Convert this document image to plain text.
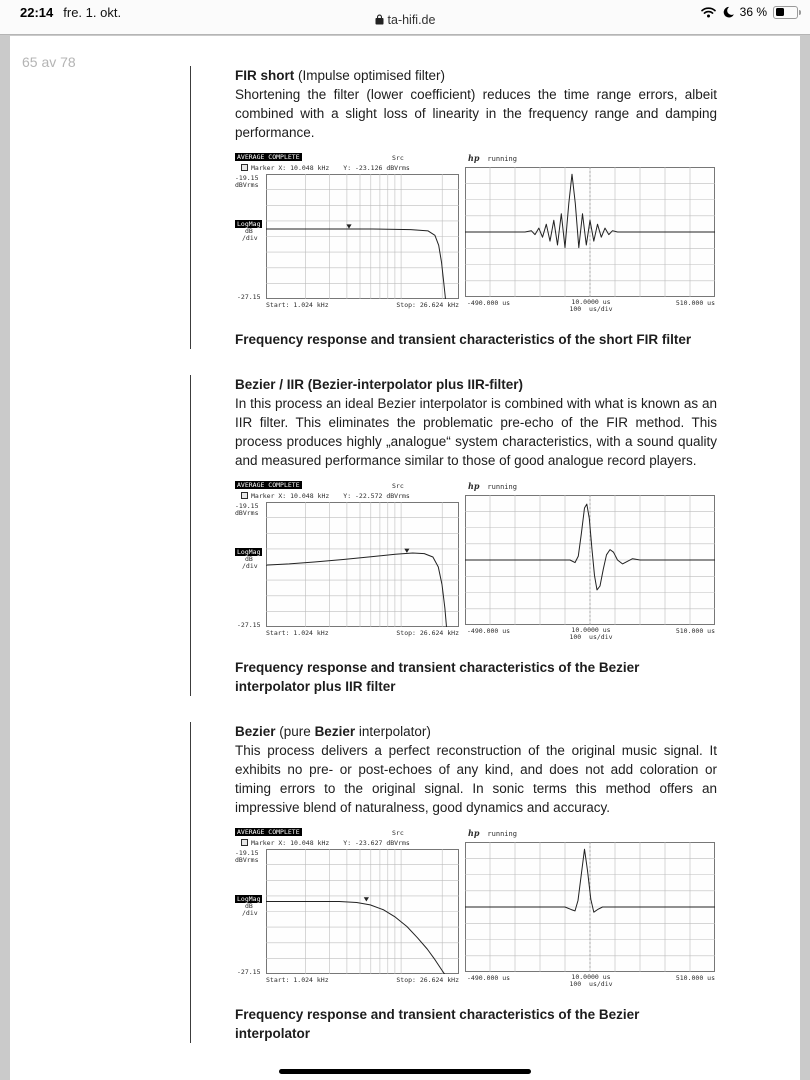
22:14 fre. 1. okt.	ta-hifi.de
36 %
65 av 78
FIR short (Impulse optimised filter)

Shortening the filter (lower coefficient) reduces the time range errors, albeit combined with a slight loss of linearity in the frequency range and damping performance.

AVERAGE COMPLETE	Src
Marker X: 10.048 kHz Y: -23.126 dBVrms
-19.15
dBVrms
LogMag
dB
/div
-27.15
Start: 1.024 kHz	Stop: 26.624 kHz
hp running
-490.000 us	10.0000 us
100  us/div
510.000 us

Frequency response and transient characteristics of the short FIR filter

Bezier / IIR (Bezier-interpolator plus IIR-filter)

In this process an ideal Bezier interpolator is combined with what is known as an IIR filter. This eliminates the problematic pre-echo of the FIR method. This process produces highly „analogue“ system characteristics, with a sound quality and measured performance similar to those of good analogue record players.

AVERAGE COMPLETE	Src
Marker X: 10.048 kHz Y: -22.572 dBVrms
-19.15
dBVrms
LogMag
dB
/div
-27.15
Start: 1.024 kHz	Stop: 26.624 kHz
hp running
-490.000 us	10.0000 us
100  us/div
510.000 us

Frequency response and transient characteristics of the Bezier interpolator plus IIR filter

Bezier (pure Bezier interpolator)

This process delivers a perfect reconstruction of the original music signal. It exhibits no pre- or post-echoes of any kind, and does not add coloration or timing errors to the original signal. In sonic terms this method offers an impressive blend of naturalness, good dynamics and accuracy.

AVERAGE COMPLETE	Src
Marker X: 10.048 kHz Y: -23.627 dBVrms
-19.15
dBVrms
LogMag
dB
/div
-27.15
Start: 1.024 kHz	Stop: 26.624 kHz
hp running
-490.000 us	10.0000 us
100  us/div
510.000 us

Frequency response and transient characteristics of the Bezier interpolator
